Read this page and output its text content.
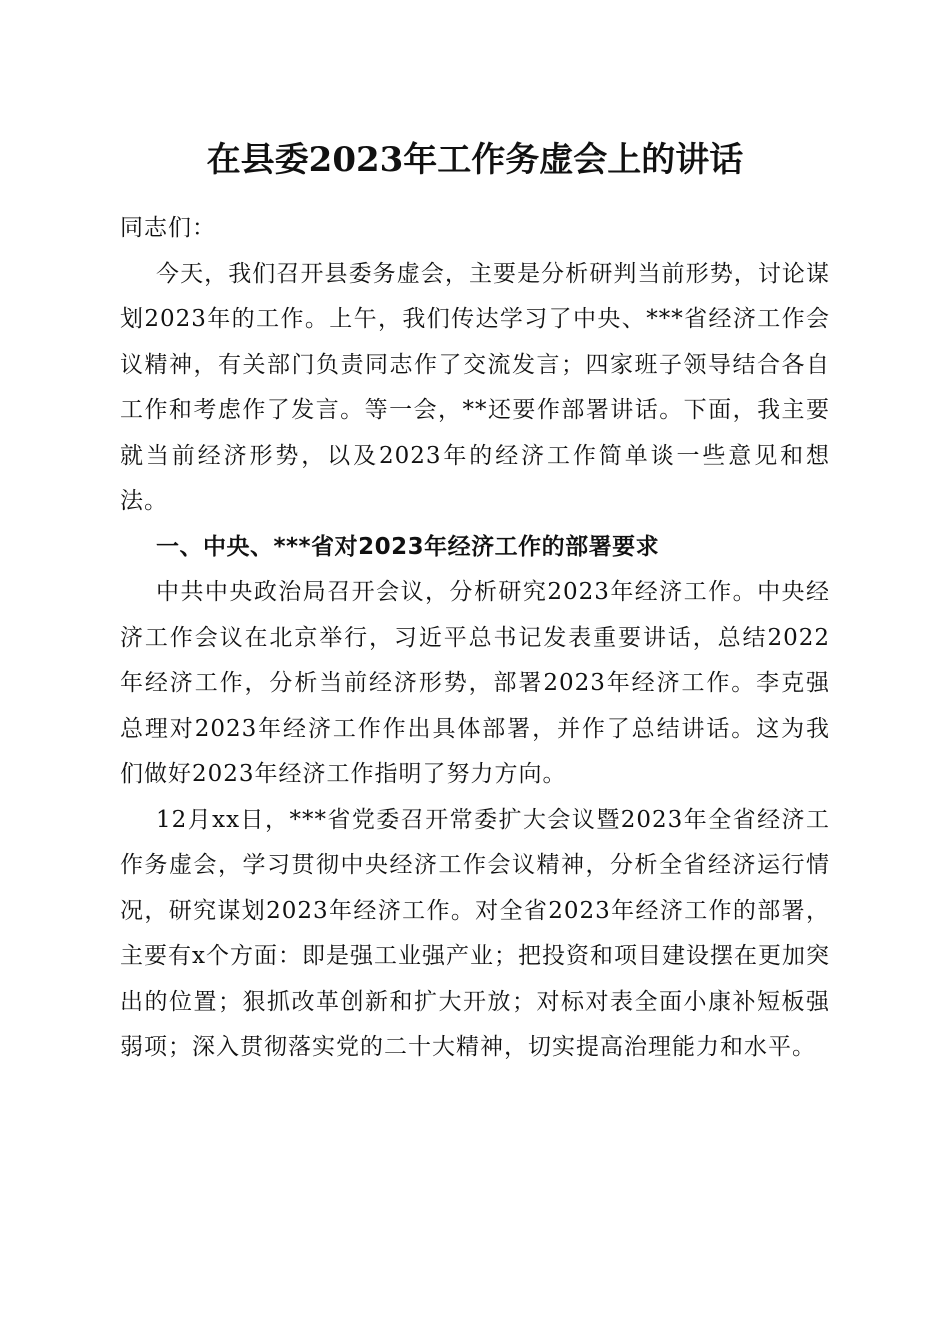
在县委2023年工作务虚会上的讲话

同志们：

今天，我们召开县委务虚会，主要是分析研判当前形势，讨论谋划2023年的工作。上午，我们传达学习了中央、***省经济工作会议精神，有关部门负责同志作了交流发言；四家班子领导结合各自工作和考虑作了发言。等一会，**还要作部署讲话。下面，我主要就当前经济形势，以及2023年的经济工作简单谈一些意见和想法。

一、中央、***省对2023年经济工作的部署要求

中共中央政治局召开会议，分析研究2023年经济工作。中央经济工作会议在北京举行，习近平总书记发表重要讲话，总结2022年经济工作，分析当前经济形势，部署2023年经济工作。李克强总理对2023年经济工作作出具体部署，并作了总结讲话。这为我们做好2023年经济工作指明了努力方向。

12月xx日，***省党委召开常委扩大会议暨2023年全省经济工作务虚会，学习贯彻中央经济工作会议精神，分析全省经济运行情况，研究谋划2023年经济工作。对全省2023年经济工作的部署，主要有x个方面：即是强工业强产业；把投资和项目建设摆在更加突出的位置；狠抓改革创新和扩大开放；对标对表全面小康补短板强弱项；深入贯彻落实党的二十大精神，切实提高治理能力和水平。
